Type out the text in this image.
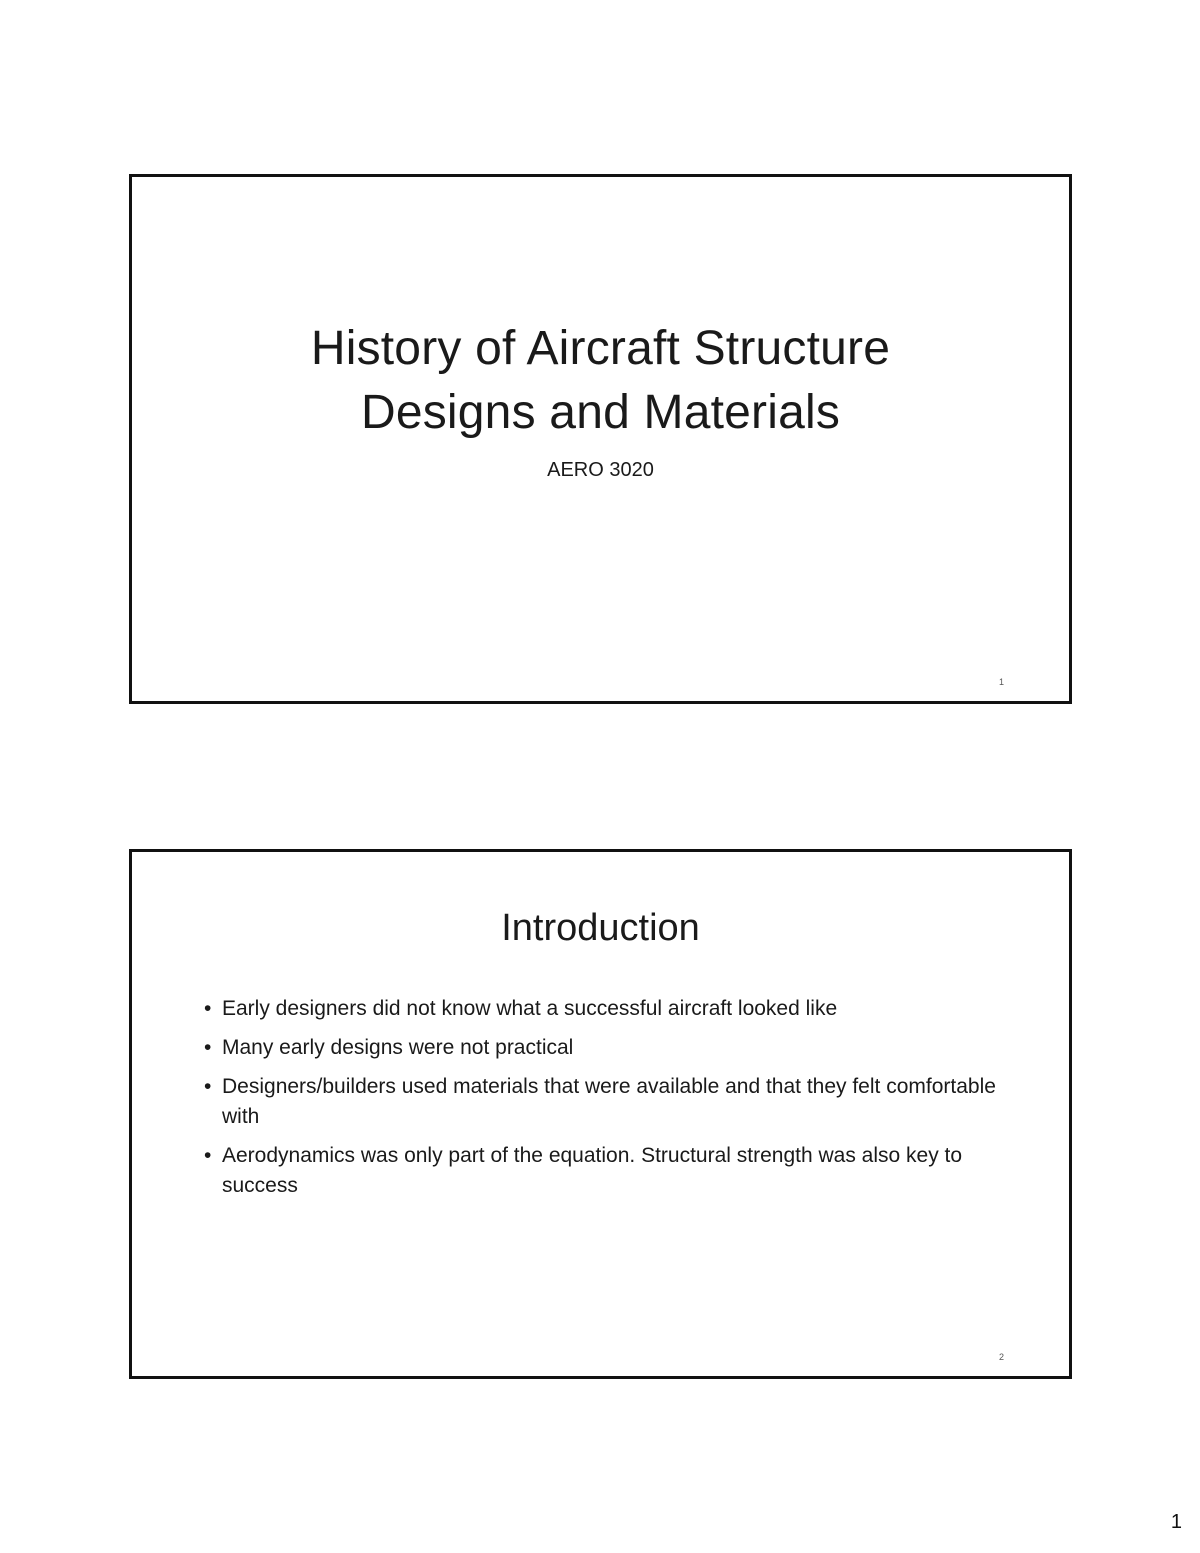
History of Aircraft Structure
Designs and Materials
AERO 3020
1
Introduction
• Early designers did not know what a successful aircraft looked like
• Many early designs were not practical
• Designers/builders used materials that were available and that they felt comfortable with
• Aerodynamics was only part of the equation. Structural strength was also key to success
2
1
